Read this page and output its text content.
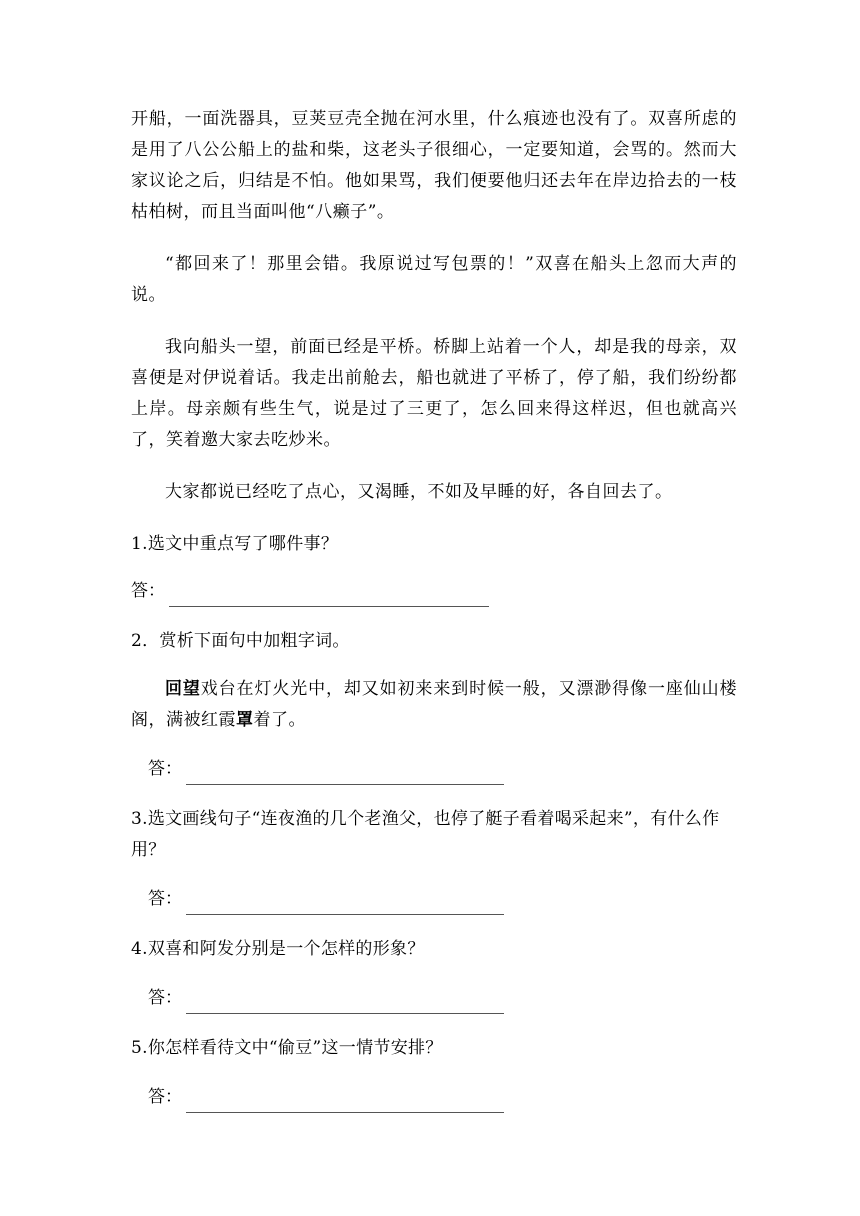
开船，一面洗器具，豆荚豆壳全抛在河水里，什么痕迹也没有了。双喜所虑的是用了八公公船上的盐和柴，这老头子很细心，一定要知道，会骂的。然而大家议论之后，归结是不怕。他如果骂，我们便要他归还去年在岸边拾去的一枝枯柏树，而且当面叫他“八癞子”。

“都回来了！那里会错。我原说过写包票的！”双喜在船头上忽而大声的说。

我向船头一望，前面已经是平桥。桥脚上站着一个人，却是我的母亲，双喜便是对伊说着话。我走出前舱去，船也就进了平桥了，停了船，我们纷纷都上岸。母亲颇有些生气，说是过了三更了，怎么回来得这样迟，但也就高兴了，笑着邀大家去吃炒米。

大家都说已经吃了点心，又渴睡，不如及早睡的好，各自回去了。

1.选文中重点写了哪件事？

答：

2．赏析下面句中加粗字词。

回望戏台在灯火光中，却又如初来来到时候一般，又漂渺得像一座仙山楼阁，满被红霞罩着了。

答：

3.选文画线句子“连夜渔的几个老渔父，也停了艇子看着喝采起来”，有什么作用？

答：

4.双喜和阿发分别是一个怎样的形象？

答：

5.你怎样看待文中“偷豆”这一情节安排？

答：
